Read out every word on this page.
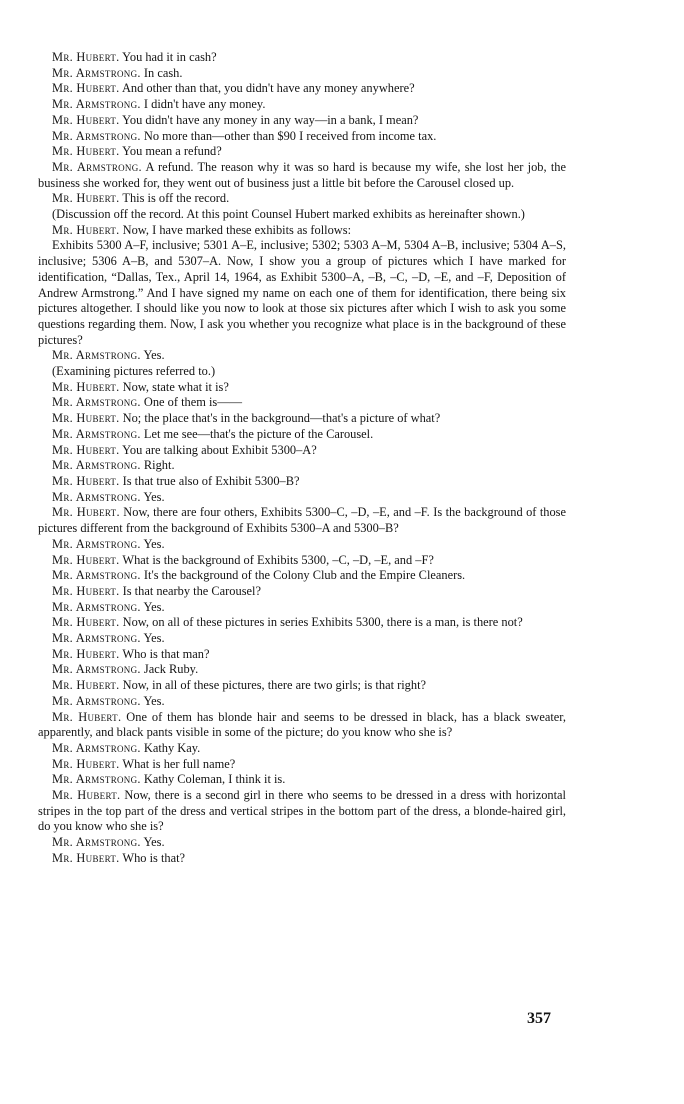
Mr. Hubert. You had it in cash?

Mr. Armstrong. In cash.

Mr. Hubert. And other than that, you didn't have any money anywhere?

Mr. Armstrong. I didn't have any money.

Mr. Hubert. You didn't have any money in any way—in a bank, I mean?

Mr. Armstrong. No more than—other than $90 I received from income tax.

Mr. Hubert. You mean a refund?

Mr. Armstrong. A refund. The reason why it was so hard is because my wife, she lost her job, the business she worked for, they went out of business just a little bit before the Carousel closed up.

Mr. Hubert. This is off the record.

(Discussion off the record. At this point Counsel Hubert marked exhibits as hereinafter shown.)

Mr. Hubert. Now, I have marked these exhibits as follows:

Exhibits 5300 A–F, inclusive; 5301 A–E, inclusive; 5302; 5303 A–M, 5304 A–B, inclusive; 5304 A–S, inclusive; 5306 A–B, and 5307–A. Now, I show you a group of pictures which I have marked for identification, “Dallas, Tex., April 14, 1964, as Exhibit 5300–A, –B, –C, –D, –E, and –F, Deposition of Andrew Armstrong.” And I have signed my name on each one of them for identification, there being six pictures altogether. I should like you now to look at those six pictures after which I wish to ask you some questions regarding them. Now, I ask you whether you recognize what place is in the background of these pictures?

Mr. Armstrong. Yes.

(Examining pictures referred to.)

Mr. Hubert. Now, state what it is?

Mr. Armstrong. One of them is——

Mr. Hubert. No; the place that's in the background—that's a picture of what?

Mr. Armstrong. Let me see—that's the picture of the Carousel.

Mr. Hubert. You are talking about Exhibit 5300–A?

Mr. Armstrong. Right.

Mr. Hubert. Is that true also of Exhibit 5300–B?

Mr. Armstrong. Yes.

Mr. Hubert. Now, there are four others, Exhibits 5300–C, –D, –E, and –F. Is the background of those pictures different from the background of Exhibits 5300–A and 5300–B?

Mr. Armstrong. Yes.

Mr. Hubert. What is the background of Exhibits 5300, –C, –D, –E, and –F?

Mr. Armstrong. It's the background of the Colony Club and the Empire Cleaners.

Mr. Hubert. Is that nearby the Carousel?

Mr. Armstrong. Yes.

Mr. Hubert. Now, on all of these pictures in series Exhibits 5300, there is a man, is there not?

Mr. Armstrong. Yes.

Mr. Hubert. Who is that man?

Mr. Armstrong. Jack Ruby.

Mr. Hubert. Now, in all of these pictures, there are two girls; is that right?

Mr. Armstrong. Yes.

Mr. Hubert. One of them has blonde hair and seems to be dressed in black, has a black sweater, apparently, and black pants visible in some of the picture; do you know who she is?

Mr. Armstrong. Kathy Kay.

Mr. Hubert. What is her full name?

Mr. Armstrong. Kathy Coleman, I think it is.

Mr. Hubert. Now, there is a second girl in there who seems to be dressed in a dress with horizontal stripes in the top part of the dress and vertical stripes in the bottom part of the dress, a blonde-haired girl, do you know who she is?

Mr. Armstrong. Yes.

Mr. Hubert. Who is that?

357
